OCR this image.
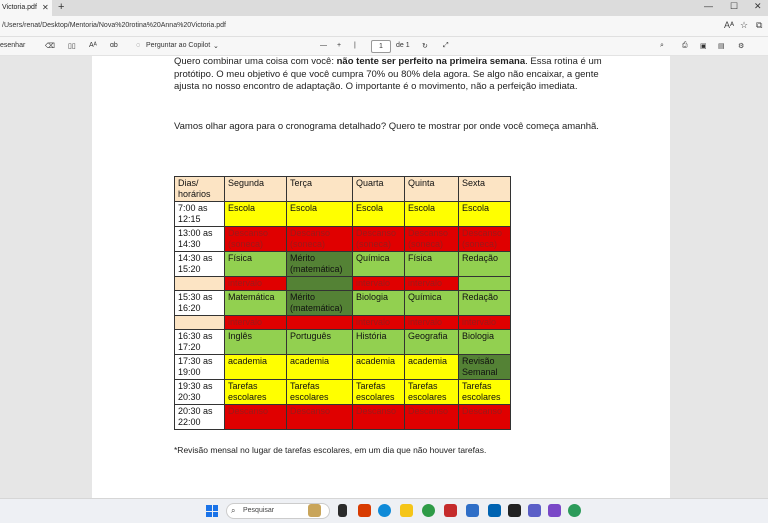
Victoria.pdf ✕ +	— ☐ ✕
/Users/renat/Desktop/Mentoria/Nova%20rotina%20Anna%20Victoria.pdf	Aᴬ ☆ ⧉
esenhar	⌫ ▯▯ Aᴬ ɑb	◌ Perguntar ao Copilot ⌄	— + |	1	de 1 ↻ ⤢	⌕	⎙ ▣ ▤ ⚙

Quero combinar uma coisa com você: não tente ser perfeito na primeira semana. Essa rotina é um protótipo. O meu objetivo é que você cumpra 70% ou 80% dela agora. Se algo não encaixar, a gente ajusta no nosso encontro de adaptação. O importante é o movimento, não a perfeição imediata.

Vamos olhar agora para o cronograma detalhado? Quero te mostrar por onde você começa amanhã.

Dias/ horários	Segunda	Terça	Quarta	Quinta	Sexta
7:00 as 12:15	Escola	Escola	Escola	Escola	Escola
13:00 as 14:30	Descanso (soneca)	Descanso (soneca)	Descanso (soneca)	Descanso (soneca)	Descanso (soneca)
14:30 as 15:20	Física	Mérito (matemática)	Química	Física	Redação
	intervalo		intervalo	intervalo	
15:30 as 16:20	Matemática	Mérito (matemática)	Biologia	Química	Redação
	intervalo		intervalo	intervalo	intervalo
16:30 as 17:20	Inglês	Português	História	Geografia	Biologia
17:30 as 19:00	academia	academia	academia	academia	Revisão Semanal
19:30 as 20:30	Tarefas escolares	Tarefas escolares	Tarefas escolares	Tarefas escolares	Tarefas escolares
20:30 as 22:00	Descanso	Descanso	Descanso	Descanso	Descanso

*Revisão mensal no lugar de tarefas escolares, em um dia que não houver tarefas.

⌕ Pesquisar
